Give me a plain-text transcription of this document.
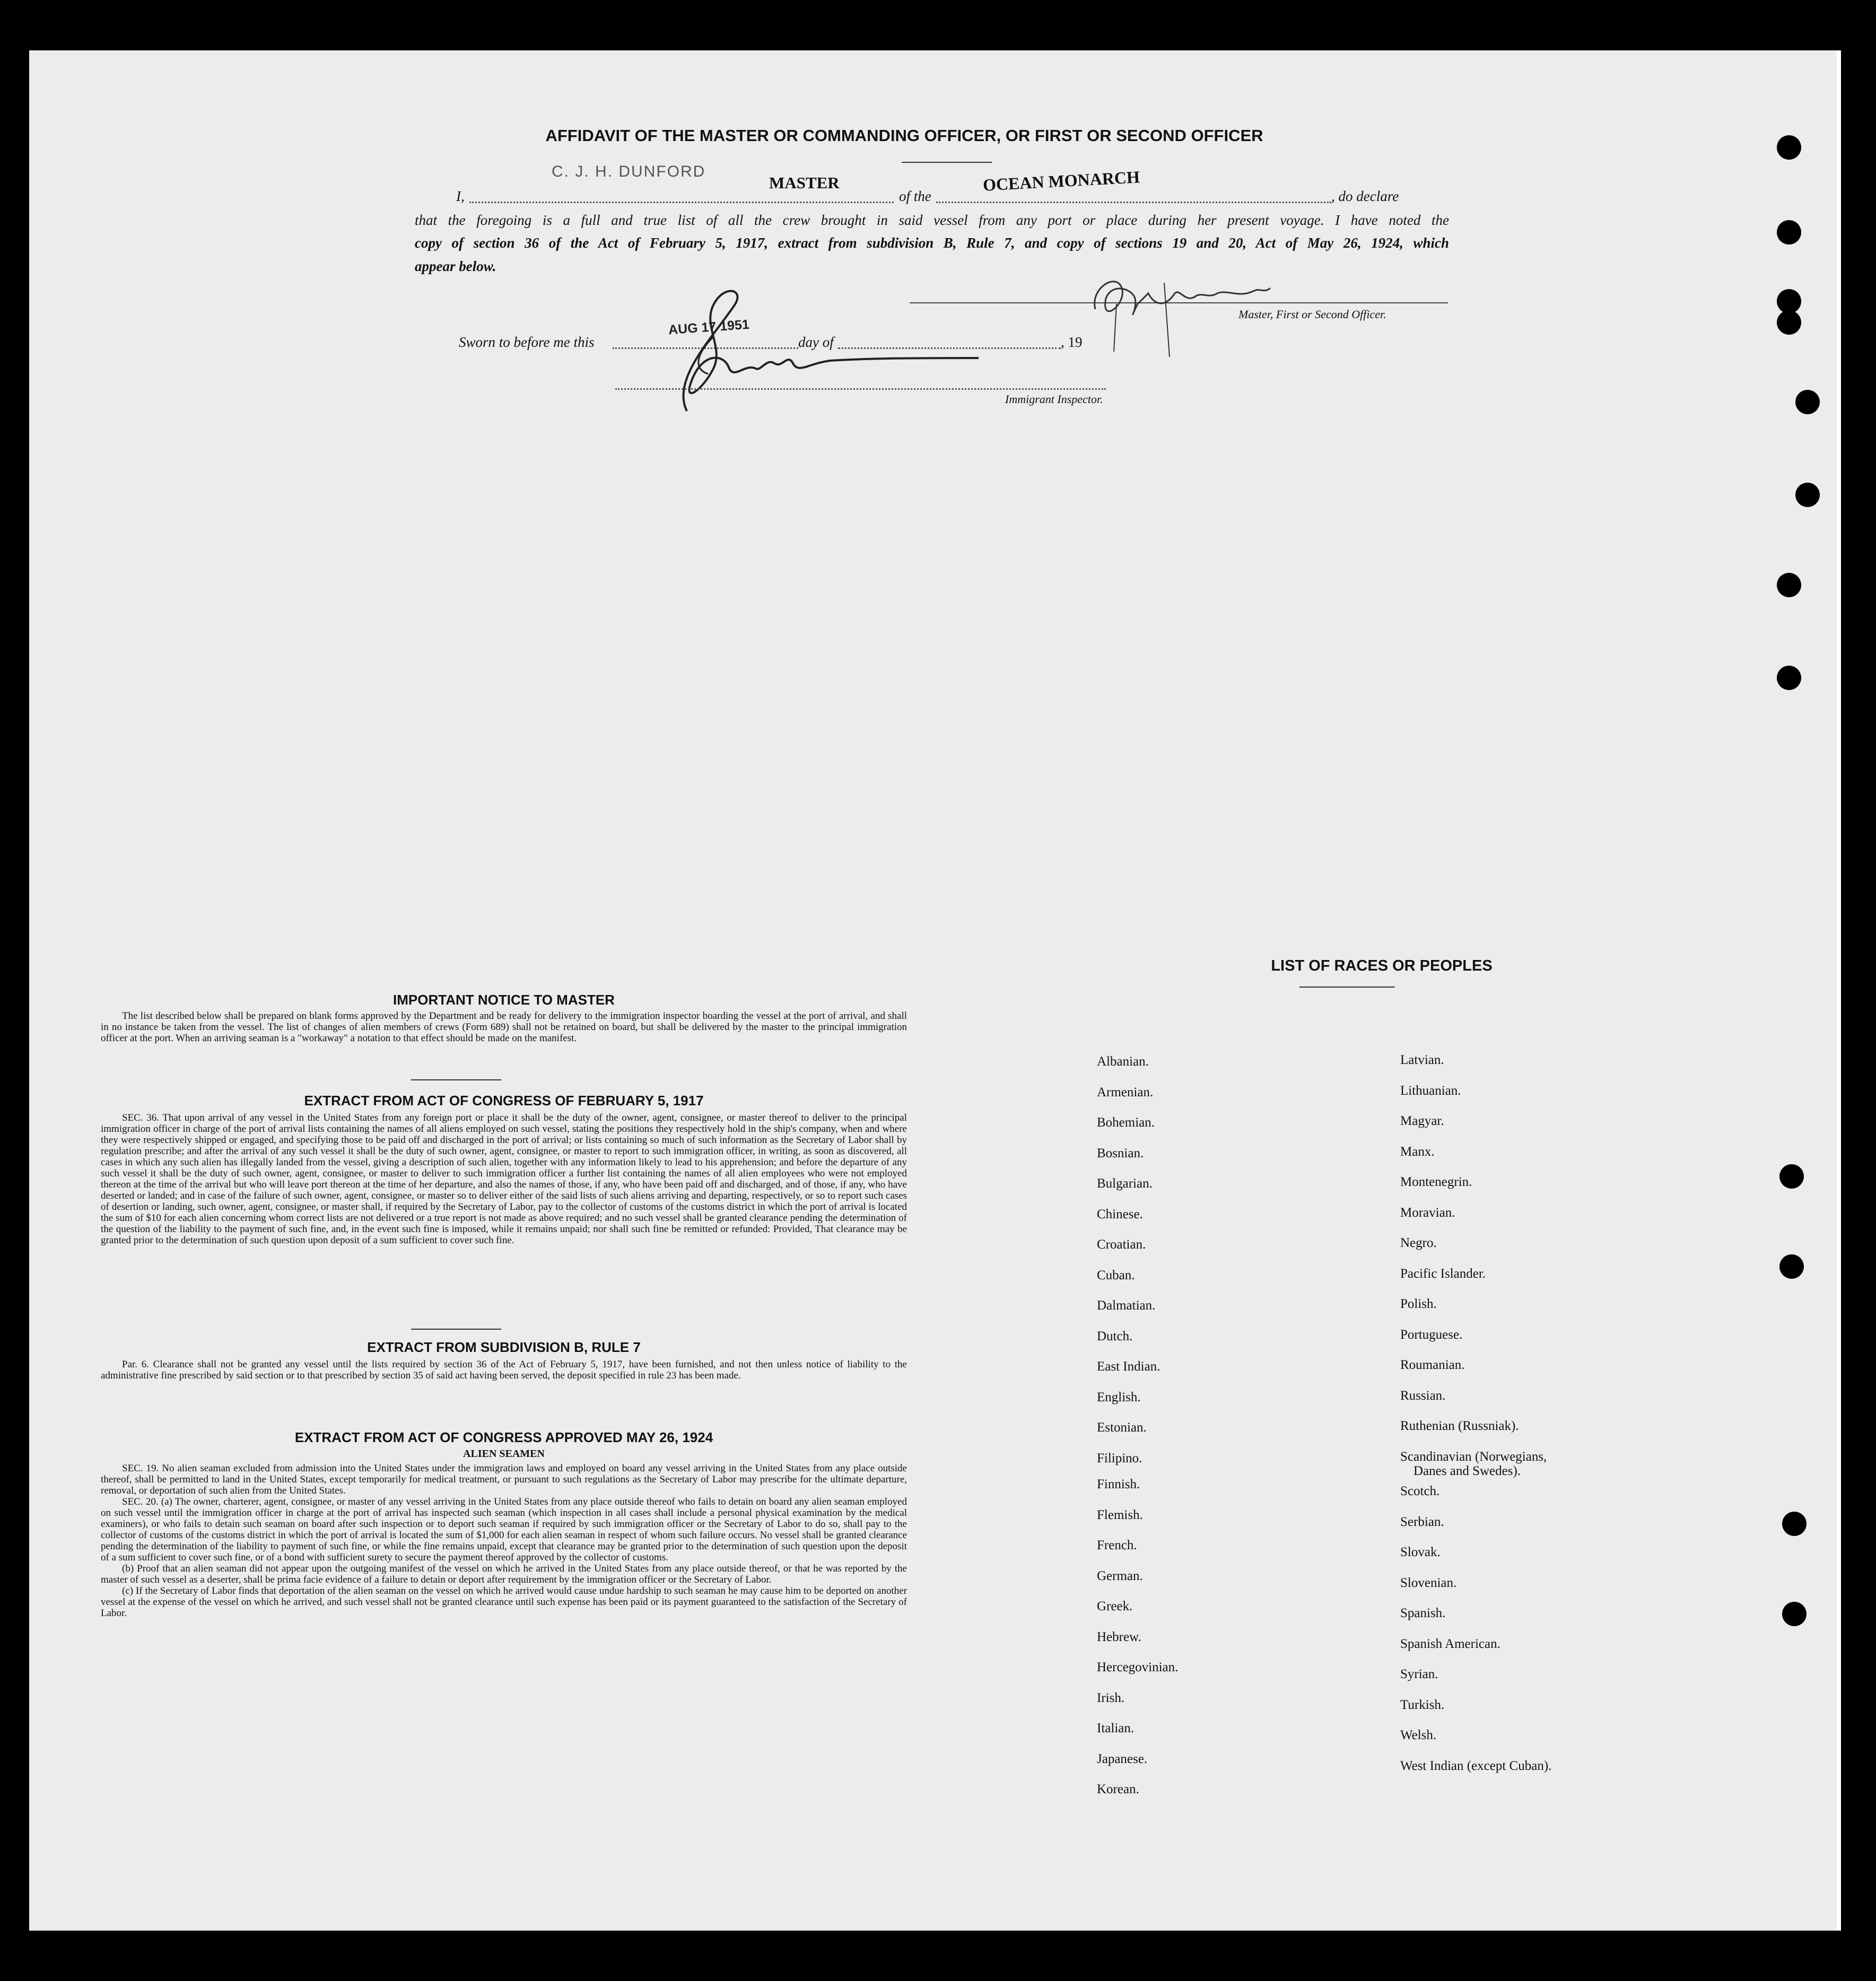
AFFIDAVIT OF THE MASTER OR COMMANDING OFFICER, OR FIRST OR SECOND OFFICER
I,
C. J. H. DUNFORD
MASTER
of the
OCEAN MONARCH
, do declare
that the foregoing is a full and true list of all the crew brought in said vessel from any port or place during her present voyage. I have noted the
copy of section 36 of the Act of February 5, 1917, extract from subdivision B, Rule 7, and copy of sections 19 and 20, Act of May 26, 1924, which
appear below.
Master, First or Second Officer.
Sworn to before me this
AUG 17 1951
day of	, 19
Immigrant Inspector.
IMPORTANT NOTICE TO MASTER

The list described below shall be prepared on blank forms approved by the Department and be ready for delivery to the immigration inspector boarding the vessel at the port of arrival, and shall in no instance be taken from the vessel. The list of changes of alien members of crews (Form 689) shall not be retained on board, but shall be delivered by the master to the principal immigration officer at the port. When an arriving seaman is a "workaway" a notation to that effect should be made on the manifest.

EXTRACT FROM ACT OF CONGRESS OF FEBRUARY 5, 1917

SEC. 36. That upon arrival of any vessel in the United States from any foreign port or place it shall be the duty of the owner, agent, consignee, or master thereof to deliver to the principal immigration officer in charge of the port of arrival lists containing the names of all aliens employed on such vessel, stating the positions they respectively hold in the ship's company, when and where they were respectively shipped or engaged, and specifying those to be paid off and discharged in the port of arrival; or lists containing so much of such information as the Secretary of Labor shall by regulation prescribe; and after the arrival of any such vessel it shall be the duty of such owner, agent, consignee, or master to report to such immigration officer, in writing, as soon as discovered, all cases in which any such alien has illegally landed from the vessel, giving a description of such alien, together with any information likely to lead to his apprehension; and before the departure of any such vessel it shall be the duty of such owner, agent, consignee, or master to deliver to such immigration officer a further list containing the names of all alien employees who were not employed thereon at the time of the arrival but who will leave port thereon at the time of her departure, and also the names of those, if any, who have been paid off and discharged, and of those, if any, who have deserted or landed; and in case of the failure of such owner, agent, consignee, or master so to deliver either of the said lists of such aliens arriving and departing, respectively, or so to report such cases of desertion or landing, such owner, agent, consignee, or master shall, if required by the Secretary of Labor, pay to the collector of customs of the customs district in which the port of arrival is located the sum of $10 for each alien concerning whom correct lists are not delivered or a true report is not made as above required; and no such vessel shall be granted clearance pending the determination of the question of the liability to the payment of such fine, and, in the event such fine is imposed, while it remains unpaid; nor shall such fine be remitted or refunded: Provided, That clearance may be granted prior to the determination of such question upon deposit of a sum sufficient to cover such fine.

EXTRACT FROM SUBDIVISION B, RULE 7

Par. 6. Clearance shall not be granted any vessel until the lists required by section 36 of the Act of February 5, 1917, have been furnished, and not then unless notice of liability to the administrative fine prescribed by said section or to that prescribed by section 35 of said act having been served, the deposit specified in rule 23 has been made.

EXTRACT FROM ACT OF CONGRESS APPROVED MAY 26, 1924
ALIEN SEAMEN

SEC. 19. No alien seaman excluded from admission into the United States under the immigration laws and employed on board any vessel arriving in the United States from any place outside thereof, shall be permitted to land in the United States, except temporarily for medical treatment, or pursuant to such regulations as the Secretary of Labor may prescribe for the ultimate departure, removal, or deportation of such alien from the United States.

SEC. 20. (a) The owner, charterer, agent, consignee, or master of any vessel arriving in the United States from any place outside thereof who fails to detain on board any alien seaman employed on such vessel until the immigration officer in charge at the port of arrival has inspected such seaman (which inspection in all cases shall include a personal physical examination by the medical examiners), or who fails to detain such seaman on board after such inspection or to deport such seaman if required by such immigration officer or the Secretary of Labor to do so, shall pay to the collector of customs of the customs district in which the port of arrival is located the sum of $1,000 for each alien seaman in respect of whom such failure occurs. No vessel shall be granted clearance pending the determination of the liability to payment of such fine, or while the fine remains unpaid, except that clearance may be granted prior to the determination of such question upon the deposit of a sum sufficient to cover such fine, or of a bond with sufficient surety to secure the payment thereof approved by the collector of customs.

(b) Proof that an alien seaman did not appear upon the outgoing manifest of the vessel on which he arrived in the United States from any place outside thereof, or that he was reported by the master of such vessel as a deserter, shall be prima facie evidence of a failure to detain or deport after requirement by the immigration officer or the Secretary of Labor.

(c) If the Secretary of Labor finds that deportation of the alien seaman on the vessel on which he arrived would cause undue hardship to such seaman he may cause him to be deported on another vessel at the expense of the vessel on which he arrived, and such vessel shall not be granted clearance until such expense has been paid or its payment guaranteed to the satisfaction of the Secretary of Labor.

LIST OF RACES OR PEOPLES
Albanian.
Armenian.
Bohemian.
Bosnian.
Bulgarian.
Chinese.
Croatian.
Cuban.
Dalmatian.
Dutch.
East Indian.
English.
Estonian.
Filipino.
Finnish.
Flemish.
French.
German.
Greek.
Hebrew.
Hercegovinian.
Irish.
Italian.
Japanese.
Korean.
Latvian.
Lithuanian.
Magyar.
Manx.
Montenegrin.
Moravian.
Negro.
Pacific Islander.
Polish.
Portuguese.
Roumanian.
Russian.
Ruthenian (Russniak).
Scandinavian (Norwegians,
Danes and Swedes).
Scotch.
Serbian.
Slovak.
Slovenian.
Spanish.
Spanish American.
Syrian.
Turkish.
Welsh.
West Indian (except Cuban).
